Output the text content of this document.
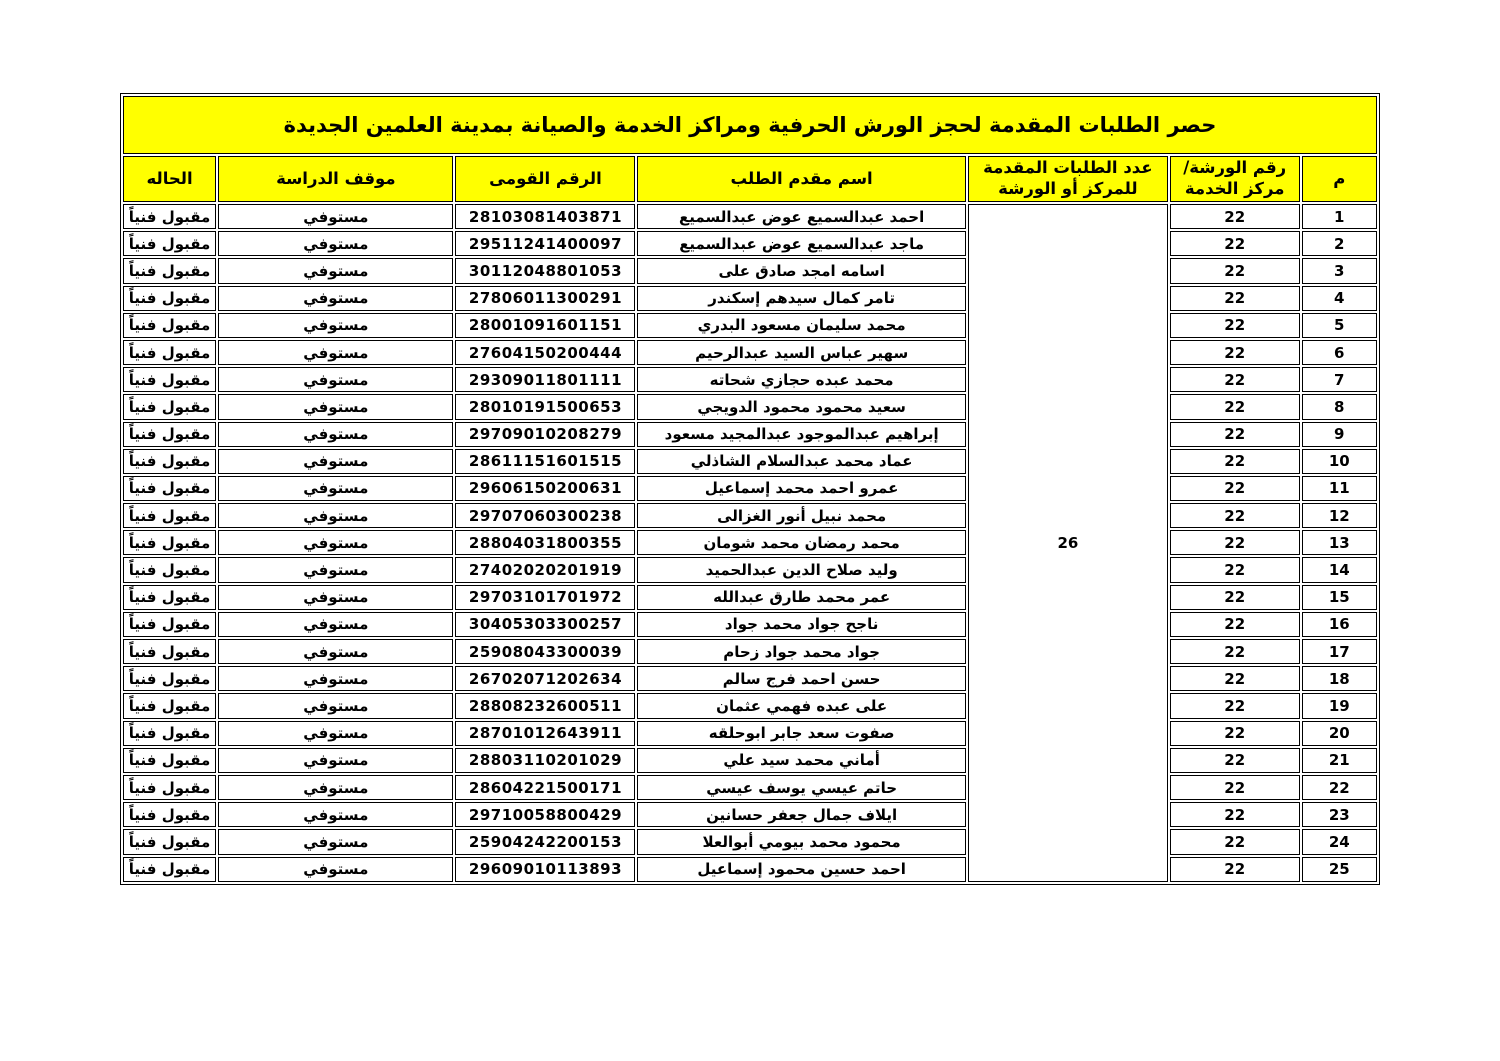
حصر الطلبات المقدمة لحجز الورش الحرفية ومراكز الخدمة والصيانة بمدينة العلمين الجديدة						
م	رقم الورشة/ مركز الخدمة	عدد الطلبات المقدمة للمركز أو الورشة	اسم مقدم الطلب	الرقم القومى	موقف الدراسة	الحاله
1	22	26	احمد عبدالسميع عوض عبدالسميع	28103081403871	مستوفي	مقبول فنياً
2	22		ماجد عبدالسميع عوض عبدالسميع	29511241400097	مستوفي	مقبول فنياً
3	22		اسامه امجد صادق على	30112048801053	مستوفي	مقبول فنياً
4	22		تامر كمال سيدهم إسكندر	27806011300291	مستوفي	مقبول فنياً
5	22		محمد سليمان مسعود البدري	28001091601151	مستوفي	مقبول فنياً
6	22		سهير عباس السيد عبدالرحيم	27604150200444	مستوفي	مقبول فنياً
7	22		محمد عبده حجازي شحاته	29309011801111	مستوفي	مقبول فنياً
8	22		سعيد محمود محمود الدويجي	28010191500653	مستوفي	مقبول فنياً
9	22		إبراهيم عبدالموجود عبدالمجيد مسعود	29709010208279	مستوفي	مقبول فنياً
10	22		عماد محمد عبدالسلام الشاذلي	28611151601515	مستوفي	مقبول فنياً
11	22		عمرو احمد محمد إسماعيل	29606150200631	مستوفي	مقبول فنياً
12	22		محمد نبيل أنور الغزالى	29707060300238	مستوفي	مقبول فنياً
13	22		محمد رمضان محمد شومان	28804031800355	مستوفي	مقبول فنياً
14	22		وليد صلاح الدين عبدالحميد	27402020201919	مستوفي	مقبول فنياً
15	22		عمر محمد طارق عبدالله	29703101701972	مستوفي	مقبول فنياً
16	22		ناجح جواد محمد جواد	30405303300257	مستوفي	مقبول فنياً
17	22		جواد محمد جواد زحام	25908043300039	مستوفي	مقبول فنياً
18	22		حسن احمد فرج سالم	26702071202634	مستوفي	مقبول فنياً
19	22		على عبده فهمي عثمان	28808232600511	مستوفي	مقبول فنياً
20	22		صفوت سعد جابر ابوحلقه	28701012643911	مستوفي	مقبول فنياً
21	22		أماني محمد سيد علي	28803110201029	مستوفي	مقبول فنياً
22	22		حاتم عيسي يوسف عيسي	28604221500171	مستوفي	مقبول فنياً
23	22		ايلاف جمال جعفر حسانين	29710058800429	مستوفي	مقبول فنياً
24	22		محمود محمد بيومي أبوالعلا	25904242200153	مستوفي	مقبول فنياً
25	22		احمد حسين محمود إسماعيل	29609010113893	مستوفي	مقبول فنياً
